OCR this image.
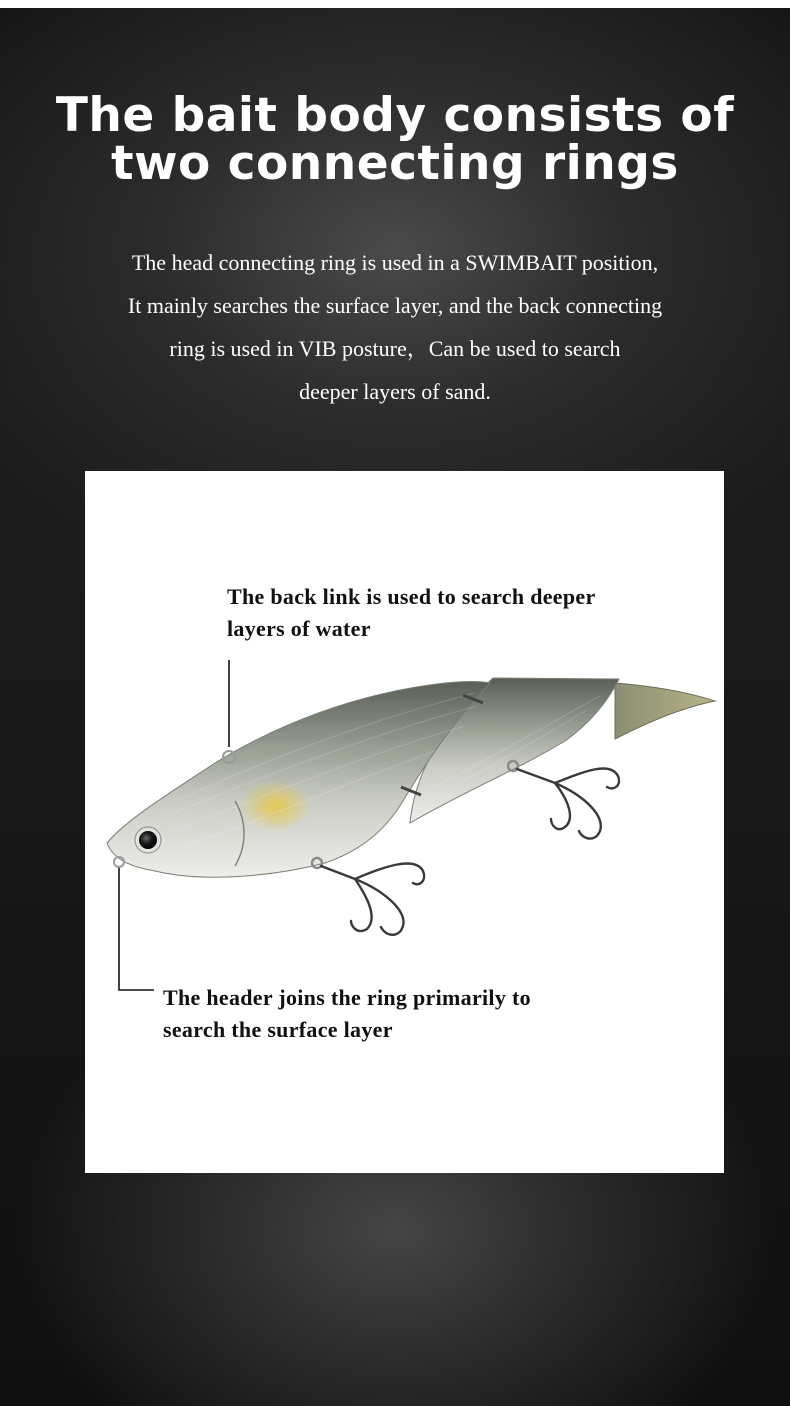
The bait body consists of
two connecting rings
The head connecting ring is used in a SWIMBAIT position,
It mainly searches the surface layer, and the back connecting
ring is used in VIB posture，Can be used to search
deeper layers of sand.
The back link is used to search deeper
layers of water
The header joins the ring primarily to
search the surface layer
